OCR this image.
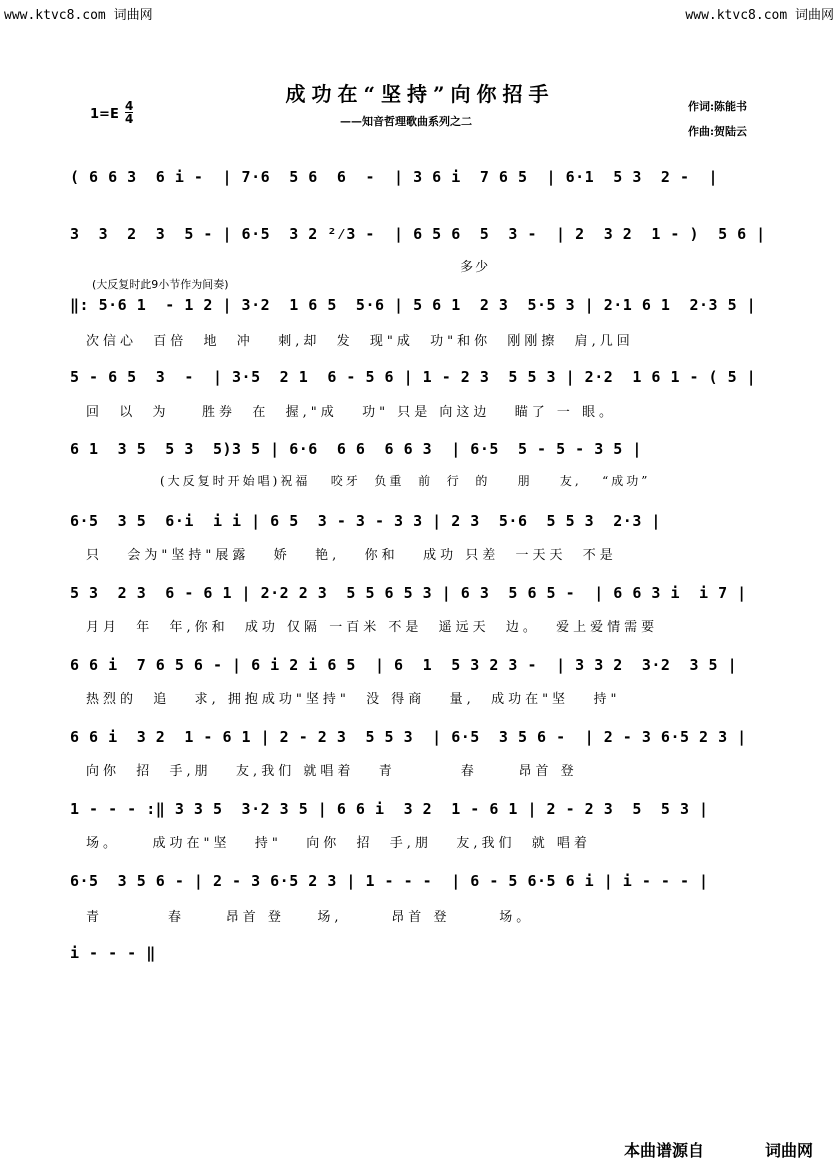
www.ktvc8.com 词曲网	www.ktvc8.com 词曲网
成功在“坚持”向你招手
——知音哲理歌曲系列之二
作词:陈能书
作曲:贺陆云
1=E
4
4
( 6 6 3  6 i -  | 7·6  5 6  6  -  | 3 6 i  7 6 5  | 6·1  5 3  2 -  |
3  3  2  3  5 - | 6·5  3 2 ²⁄3 -  | 6 5 6  5  3 -  | 2  3 2  1 - )  5 6 |
多少
(大反复时此9小节作为间奏)
‖: 5·6 1  - 1 2 | 3·2  1 6 5  5·6 | 5 6 1  2 3  5·5 3 | 2·1 6 1  2·3 5 |
次信心  百倍  地  冲   刺,却  发  现"成  功"和你  刚刚擦  肩,几回
5 - 6 5  3  -  | 3·5  2 1  6 - 5 6 | 1 - 2 3  5 5 3 | 2·2  1 6 1 - ( 5 |
回  以  为    胜券  在  握,"成   功" 只是 向这边   瞄了 一 眼。
6 1  3 5  5 3  5)3 5 | 6·6  6 6  6 6 3  | 6·5  5 - 5 - 3 5 |
(大反复时开始唱)祝福   咬牙  负重  前  行  的    朋    友,   “成功”
6·5  3 5  6·i  i i | 6 5  3 - 3 - 3 3 | 2 3  5·6  5 5 3  2·3 |
只   会为"坚持"展露   娇   艳,   你和   成功 只差  一天天  不是
5 3  2 3  6 - 6 1 | 2·2 2 3  5 5 6 5 3 | 6 3  5 6 5 -  | 6 6 3 i  i 7 |
月月  年  年,你和  成功 仅隔 一百米 不是  遥远天  边。  爱上爱情需要
6 6 i  7 6 5 6 - | 6 i 2 i 6 5  | 6  1  5 3 2 3 -  | 3 3 2  3·2  3 5 |
热烈的  追   求, 拥抱成功"坚持"  没 得商   量,  成功在"坚   持"
6 6 i  3 2  1 - 6 1 | 2 - 2 3  5 5 3  | 6·5  3 5 6 -  | 2 - 3 6·5 2 3 |
向你  招  手,朋   友,我们 就唱着   青        春     昂首 登
1 - - - :‖ 3 3 5  3·2 3 5 | 6 6 i  3 2  1 - 6 1 | 2 - 2 3  5  5 3 |
场。    成功在"坚   持"   向你  招  手,朋   友,我们  就 唱着
6·5  3 5 6 - | 2 - 3 6·5 2 3 | 1 - - -  | 6 - 5 6·5 6 i | i - - - |
青        春     昂首 登    场,      昂首 登      场。
i - - - ‖
本曲谱源自	词曲网
